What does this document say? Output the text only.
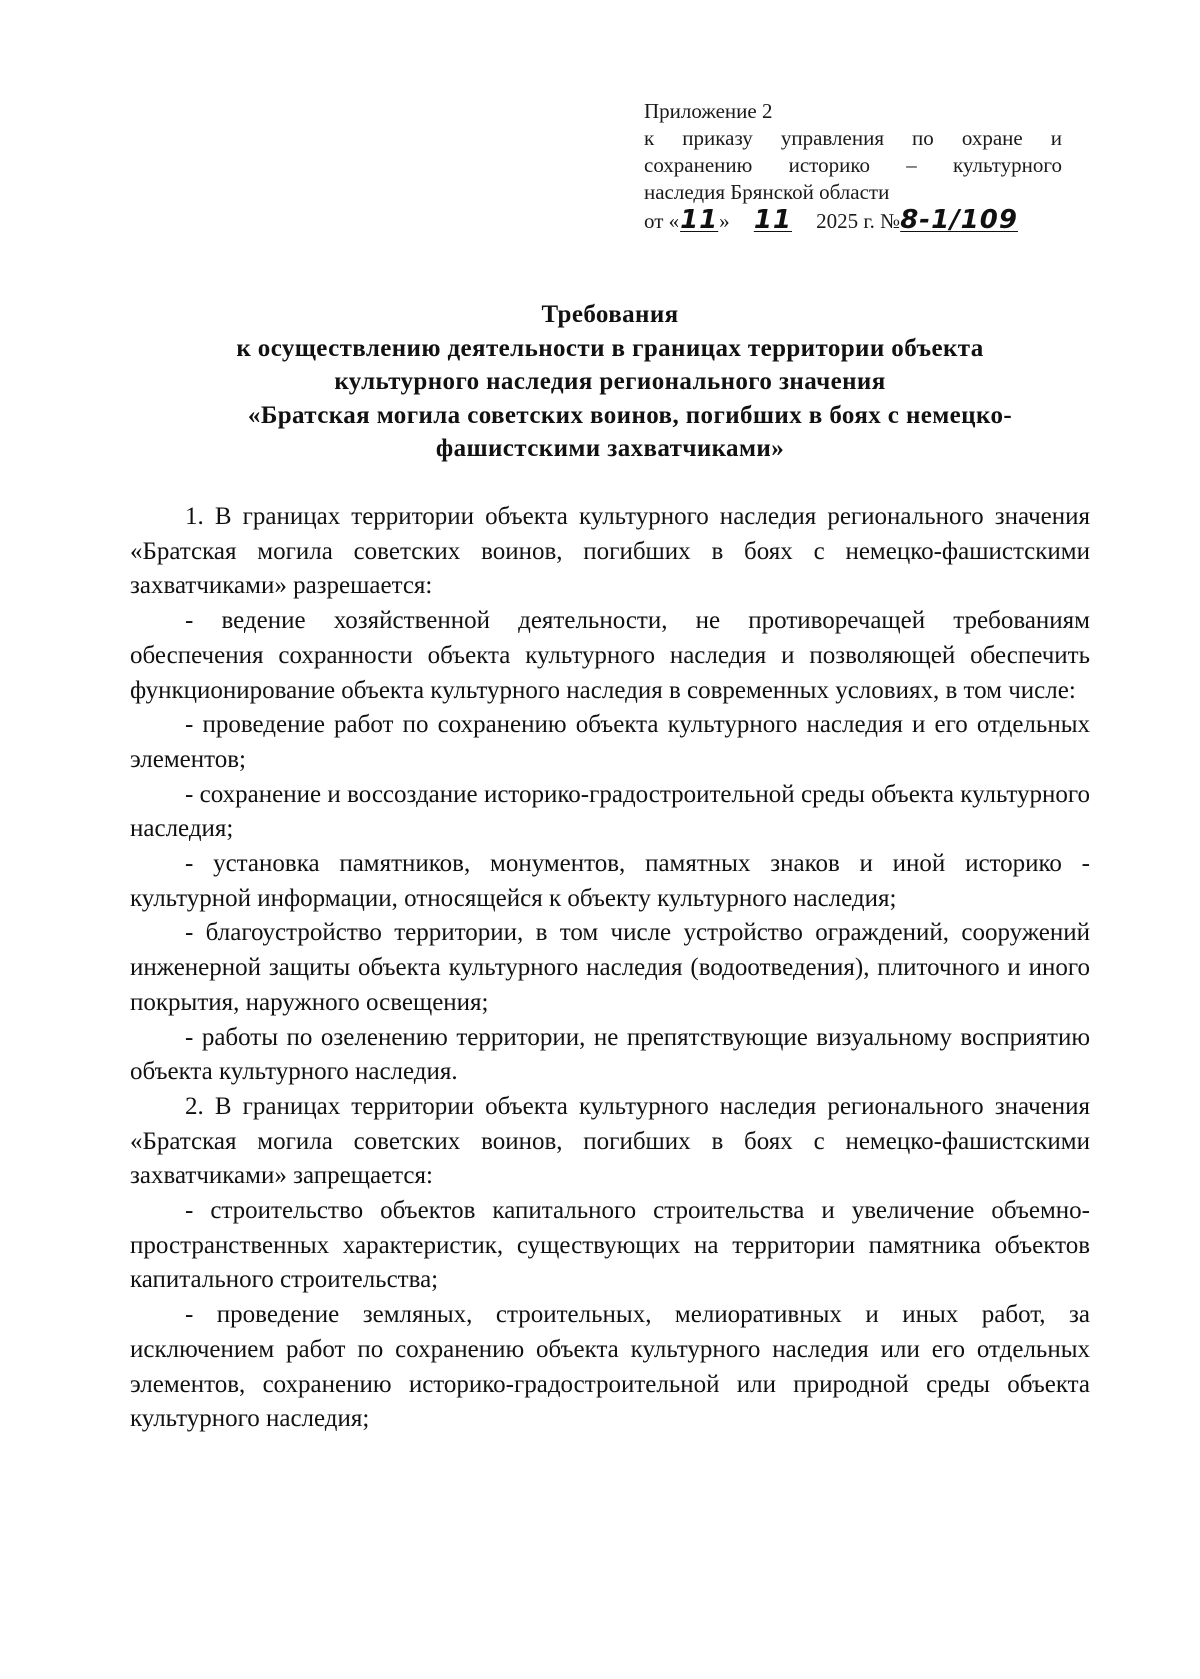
Приложение 2
к приказу управления по охране и
сохранению историко – культурного
наследия Брянской области
от «11» 11 2025 г. №8-1/109
Требования
к осуществлению деятельности в границах территории объекта
культурного наследия регионального значения
«Братская могила советских воинов, погибших в боях с немецко-
фашистскими захватчиками»

1. В границах территории объекта культурного наследия регионального значения «Братская могила советских воинов, погибших в боях с немецко-фашистскими захватчиками» разрешается:

- ведение хозяйственной деятельности, не противоречащей требованиям обеспечения сохранности объекта культурного наследия и позволяющей обеспечить функционирование объекта культурного наследия в современных условиях, в том числе:

- проведение работ по сохранению объекта культурного наследия и его отдельных элементов;

- сохранение и воссоздание историко-градостроительной среды объекта культурного наследия;

- установка памятников, монументов, памятных знаков и иной историко - культурной информации, относящейся к объекту культурного наследия;

- благоустройство территории, в том числе устройство ограждений, сооружений инженерной защиты объекта культурного наследия (водоотведения), плиточного и иного покрытия, наружного освещения;

- работы по озеленению территории, не препятствующие визуальному восприятию объекта культурного наследия.

2. В границах территории объекта культурного наследия регионального значения «Братская могила советских воинов, погибших в боях с немецко-фашистскими захватчиками» запрещается:

- строительство объектов капитального строительства и увеличение объемно-пространственных характеристик, существующих на территории памятника объектов капитального строительства;

- проведение земляных, строительных, мелиоративных и иных работ, за исключением работ по сохранению объекта культурного наследия или его отдельных элементов, сохранению историко-градостроительной или природной среды объекта культурного наследия;
